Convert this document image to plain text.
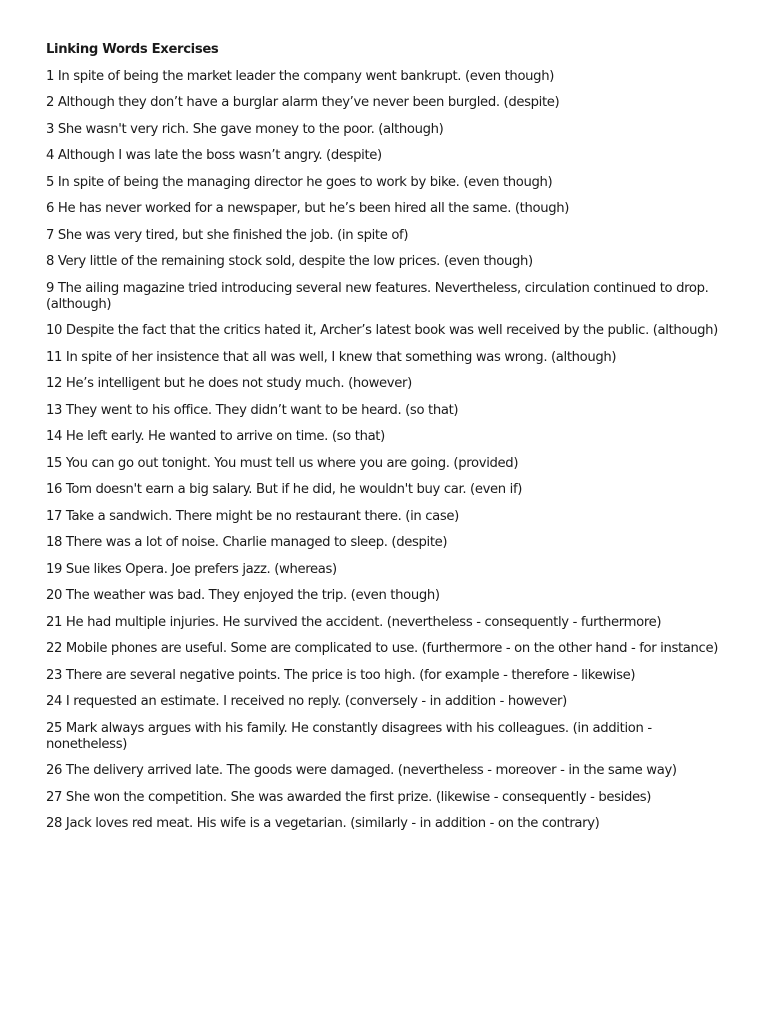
Linking Words Exercises
1 In spite of being the market leader the company went bankrupt. (even though)
2 Although they don’t have a burglar alarm they’ve never been burgled. (despite)
3 She wasn't very rich. She gave money to the poor. (although)
4 Although I was late the boss wasn’t angry. (despite)
5 In spite of being the managing director he goes to work by bike. (even though)
6 He has never worked for a newspaper, but he’s been hired all the same. (though)
7 She was very tired, but she finished the job. (in spite of)
8 Very little of the remaining stock sold, despite the low prices. (even though)
9 The ailing magazine tried introducing several new features. Nevertheless, circulation continued to drop. (although)
10 Despite the fact that the critics hated it, Archer’s latest book was well received by the public. (although)
11 In spite of her insistence that all was well, I knew that something was wrong. (although)
12 He’s intelligent but he does not study much. (however)
13 They went to his office. They didn’t want to be heard. (so that)
14 He left early. He wanted to arrive on time. (so that)
15 You can go out tonight. You must tell us where you are going. (provided)
16 Tom doesn't earn a big salary. But if he did, he wouldn't buy car. (even if)
17 Take a sandwich. There might be no restaurant there. (in case)
18 There was a lot of noise. Charlie managed to sleep. (despite)
19 Sue likes Opera. Joe prefers jazz. (whereas)
20 The weather was bad. They enjoyed the trip. (even though)
21 He had multiple injuries. He survived the accident. (nevertheless - consequently - furthermore)
22 Mobile phones are useful. Some are complicated to use. (furthermore - on the other hand - for instance)
23 There are several negative points. The price is too high. (for example - therefore - likewise)
24 I requested an estimate. I received no reply. (conversely - in addition - however)
25 Mark always argues with his family. He constantly disagrees with his colleagues. (in addition - nonetheless)
26 The delivery arrived late. The goods were damaged. (nevertheless - moreover - in the same way)
27 She won the competition. She was awarded the first prize. (likewise - consequently - besides)
28 Jack loves red meat. His wife is a vegetarian. (similarly - in addition - on the contrary)
